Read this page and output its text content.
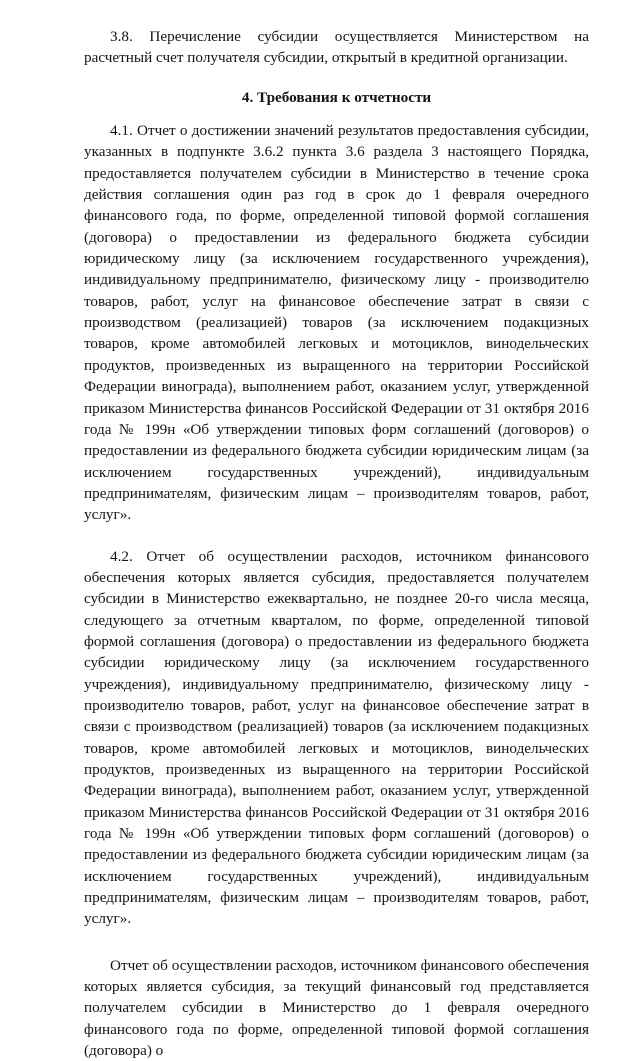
3.8. Перечисление субсидии осуществляется Министерством на расчетный счет получателя субсидии, открытый в кредитной организации.

4. Требования к отчетности

4.1. Отчет о достижении значений результатов предоставления субсидии, указанных в подпункте 3.6.2 пункта 3.6 раздела 3 настоящего Порядка, предоставляется получателем субсидии в Министерство в течение срока действия соглашения один раз год в срок до 1 февраля очередного финансового года, по форме, определенной типовой формой соглашения (договора) о предоставлении из федерального бюджета субсидии юридическому лицу (за исключением государственного учреждения), индивидуальному предпринимателю, физическому лицу - производителю товаров, работ, услуг на финансовое обеспечение затрат в связи с производством (реализацией) товаров (за исключением подакцизных товаров, кроме автомобилей легковых и мотоциклов, винодельческих продуктов, произведенных из выращенного на территории Российской Федерации винограда), выполнением работ, оказанием услуг, утвержденной приказом Министерства финансов Российской Федерации от 31 октября 2016 года № 199н «Об утверждении типовых форм соглашений (договоров) о предоставлении из федерального бюджета субсидии юридическим лицам (за исключением государственных учреждений), индивидуальным предпринимателям, физическим лицам – производителям товаров, работ, услуг».

4.2. Отчет об осуществлении расходов, источником финансового обеспечения которых является субсидия, предоставляется получателем субсидии в Министерство ежеквартально, не позднее 20-го числа месяца, следующего за отчетным кварталом, по форме, определенной типовой формой соглашения (договора) о предоставлении из федерального бюджета субсидии юридическому лицу (за исключением государственного учреждения), индивидуальному предпринимателю, физическому лицу - производителю товаров, работ, услуг на финансовое обеспечение затрат в связи с производством (реализацией) товаров (за исключением подакцизных товаров, кроме автомобилей легковых и мотоциклов, винодельческих продуктов, произведенных из выращенного на территории Российской Федерации винограда), выполнением работ, оказанием услуг, утвержденной приказом Министерства финансов Российской Федерации от 31 октября 2016 года № 199н «Об утверждении типовых форм соглашений (договоров) о предоставлении из федерального бюджета субсидии юридическим лицам (за исключением государственных учреждений), индивидуальным предпринимателям, физическим лицам – производителям товаров, работ, услуг».

Отчет об осуществлении расходов, источником финансового обеспечения которых является субсидия, за текущий финансовый год представляется получателем субсидии в Министерство до 1 февраля очередного финансового года по форме, определенной типовой формой соглашения (договора) о
